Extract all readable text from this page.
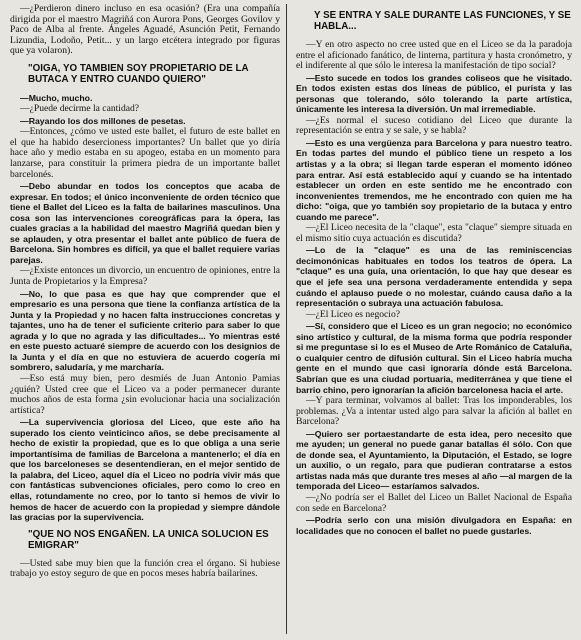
—¿Perdieron dinero incluso en esa ocasión? (Era una compañía dirigida por el maestro Magriñá con Aurora Pons, Georges Govilov y Paco de Alba al frente. Ángeles Aguadé, Asunción Petit, Fernando Lizundia, Lodoño, Petit... y un largo etcétera integrado por figuras que ya volaron).

"OIGA, YO TAMBIEN SOY PROPIETARIO DE LA BUTACA Y ENTRO CUANDO QUIERO"

—Mucho, mucho.

—¿Puede decirme la cantidad?

—Rayando los dos millones de pesetas.

—Entonces, ¿cómo ve usted este ballet, el futuro de este ballet en el que ha habido desercioness importantes? Un ballet que yo diría hace año y medio estaba en su apogeo, estaba en un momento para lanzarse, para constituir la primera piedra de un importante ballet barcelonés.

—Debo abundar en todos los conceptos que acaba de expresar. En todos; el único inconveniente de orden técnico que tiene el Ballet del Liceo es la falta de bailarines masculinos. Una cosa son las intervenciones coreográficas para la ópera, las cuales gracias a la habilidad del maestro Magriñá quedan bien y se aplauden, y otra presentar el ballet ante público de fuera de Barcelona. Sin hombres es difícil, ya que el ballet requiere varias parejas.

—¿Existe entonces un divorcio, un encuentro de opiniones, entre la Junta de Propietarios y la Empresa?

—No, lo que pasa es que hay que comprender que el empresario es una persona que tiene la confianza artística de la Junta y la Propiedad y no hacen falta instrucciones concretas y tajantes, uno ha de tener el suficiente criterio para saber lo que agrada y lo que no agrada y las dificultades... Yo mientras esté en este puesto actuaré siempre de acuerdo con los designios de la Junta y el día en que no estuviera de acuerdo cogería mi sombrero, saludaría, y me marcharía.

—Eso está muy bien, pero desmiés de Juan Antonio Pamias ¿quién? Usted cree que el Liceo va a poder permanecer durante muchos años de esta forma ¿sin evolucionar hacia una socialización artística?

—La supervivencia gloriosa del Liceo, que este año ha superado los ciento veinticinco años, se debe precisamente al hecho de existir la propiedad, que es lo que obliga a una serie importantísima de familias de Barcelona a mantenerlo; el día en que los barceloneses se desentendieran, en el mejor sentido de la palabra, del Liceo, aquel día el Liceo no podría vivir más que con fantásticas subvenciones oficiales, pero como lo creo en ellas, rotundamente no creo, por lo tanto si hemos de vivir lo hemos de hacer de acuerdo con la propiedad y siempre dándole las gracias por la supervivencia.

"QUE NO NOS ENGAÑEN. LA UNICA SOLUCION ES EMIGRAR"

—Usted sabe muy bien que la función crea el órgano. Si hubiese trabajo yo estoy seguro de que en pocos meses habría bailarines.

Y SE ENTRA Y SALE DURANTE LAS FUNCIONES, Y SE HABLA...

—Y en otro aspecto no cree usted que en el Liceo se da la paradoja entre el aficionado fanático, de linterna, partitura y hasta cronómetro, y el indiferente al que sólo le interesa la manifestación de tipo social?

—Esto sucede en todos los grandes coliseos que he visitado. En todos existen estas dos líneas de público, el purista y las personas que tolerando, sólo tolerando la parte artística, únicamente les interesa la diversión. Un mal irremediable.

—¿Es normal el suceso cotidiano del Liceo que durante la representación se entra y se sale, y se habla?

—Esto es una vergüenza para Barcelona y para nuestro teatro. En todas partes del mundo el público tiene un respeto a los artistas y a la obra; si llegan tarde esperan el momento idóneo para entrar. Así está establecido aquí y cuando se ha intentado establecer un orden en este sentido me he encontrado con inconvenientes tremendos, me he encontrado con quien me ha dicho: "oiga, que yo también soy propietario de la butaca y entro cuando me parece".

—¿El Liceo necesita de la "claque", esta "claque" siempre situada en el mismo sitio cuya actuación es discutida?

—Lo de la "claque" es una de las reminiscencias decimonónicas habituales en todos los teatros de ópera. La "claque" es una guía, una orientación, lo que hay que desear es que el jefe sea una persona verdaderamente entendida y sepa cuándo el aplauso puede o no molestar, cuándo causa daño a la representación o subraya una actuación fabulosa.

—¿El Liceo es negocio?

—Sí, considero que el Liceo es un gran negocio; no económico sino artístico y cultural, de la misma forma que podría responder si me preguntase si lo es el Museo de Arte Románico de Cataluña, o cualquier centro de difusión cultural. Sin el Liceo habría mucha gente en el mundo que casi ignoraría dónde está Barcelona. Sabrían que es una ciudad portuaria, mediterránea y que tiene el barrio chino, pero ignorarían la afición barcelonesa hacia el arte.

—Y para terminar, volvamos al ballet: Tras los imponderables, los problemas. ¿Va a intentar usted algo para salvar la afición al ballet en Barcelona?

—Quiero ser portaestandarte de esta idea, pero necesito que me ayuden; un general no puede ganar batallas él sólo. Con que de donde sea, el Ayuntamiento, la Diputación, el Estado, se logre un auxilio, o un regalo, para que pudieran contratarse a estos artistas nada más que durante tres meses al año —al margen de la temporada del Liceo— estaríamos salvados.

—¿No podría ser el Ballet del Liceo un Ballet Nacional de España con sede en Barcelona?

—Podría serlo con una misión divulgadora en España: en localidades que no conocen el ballet no puede gustarles.
